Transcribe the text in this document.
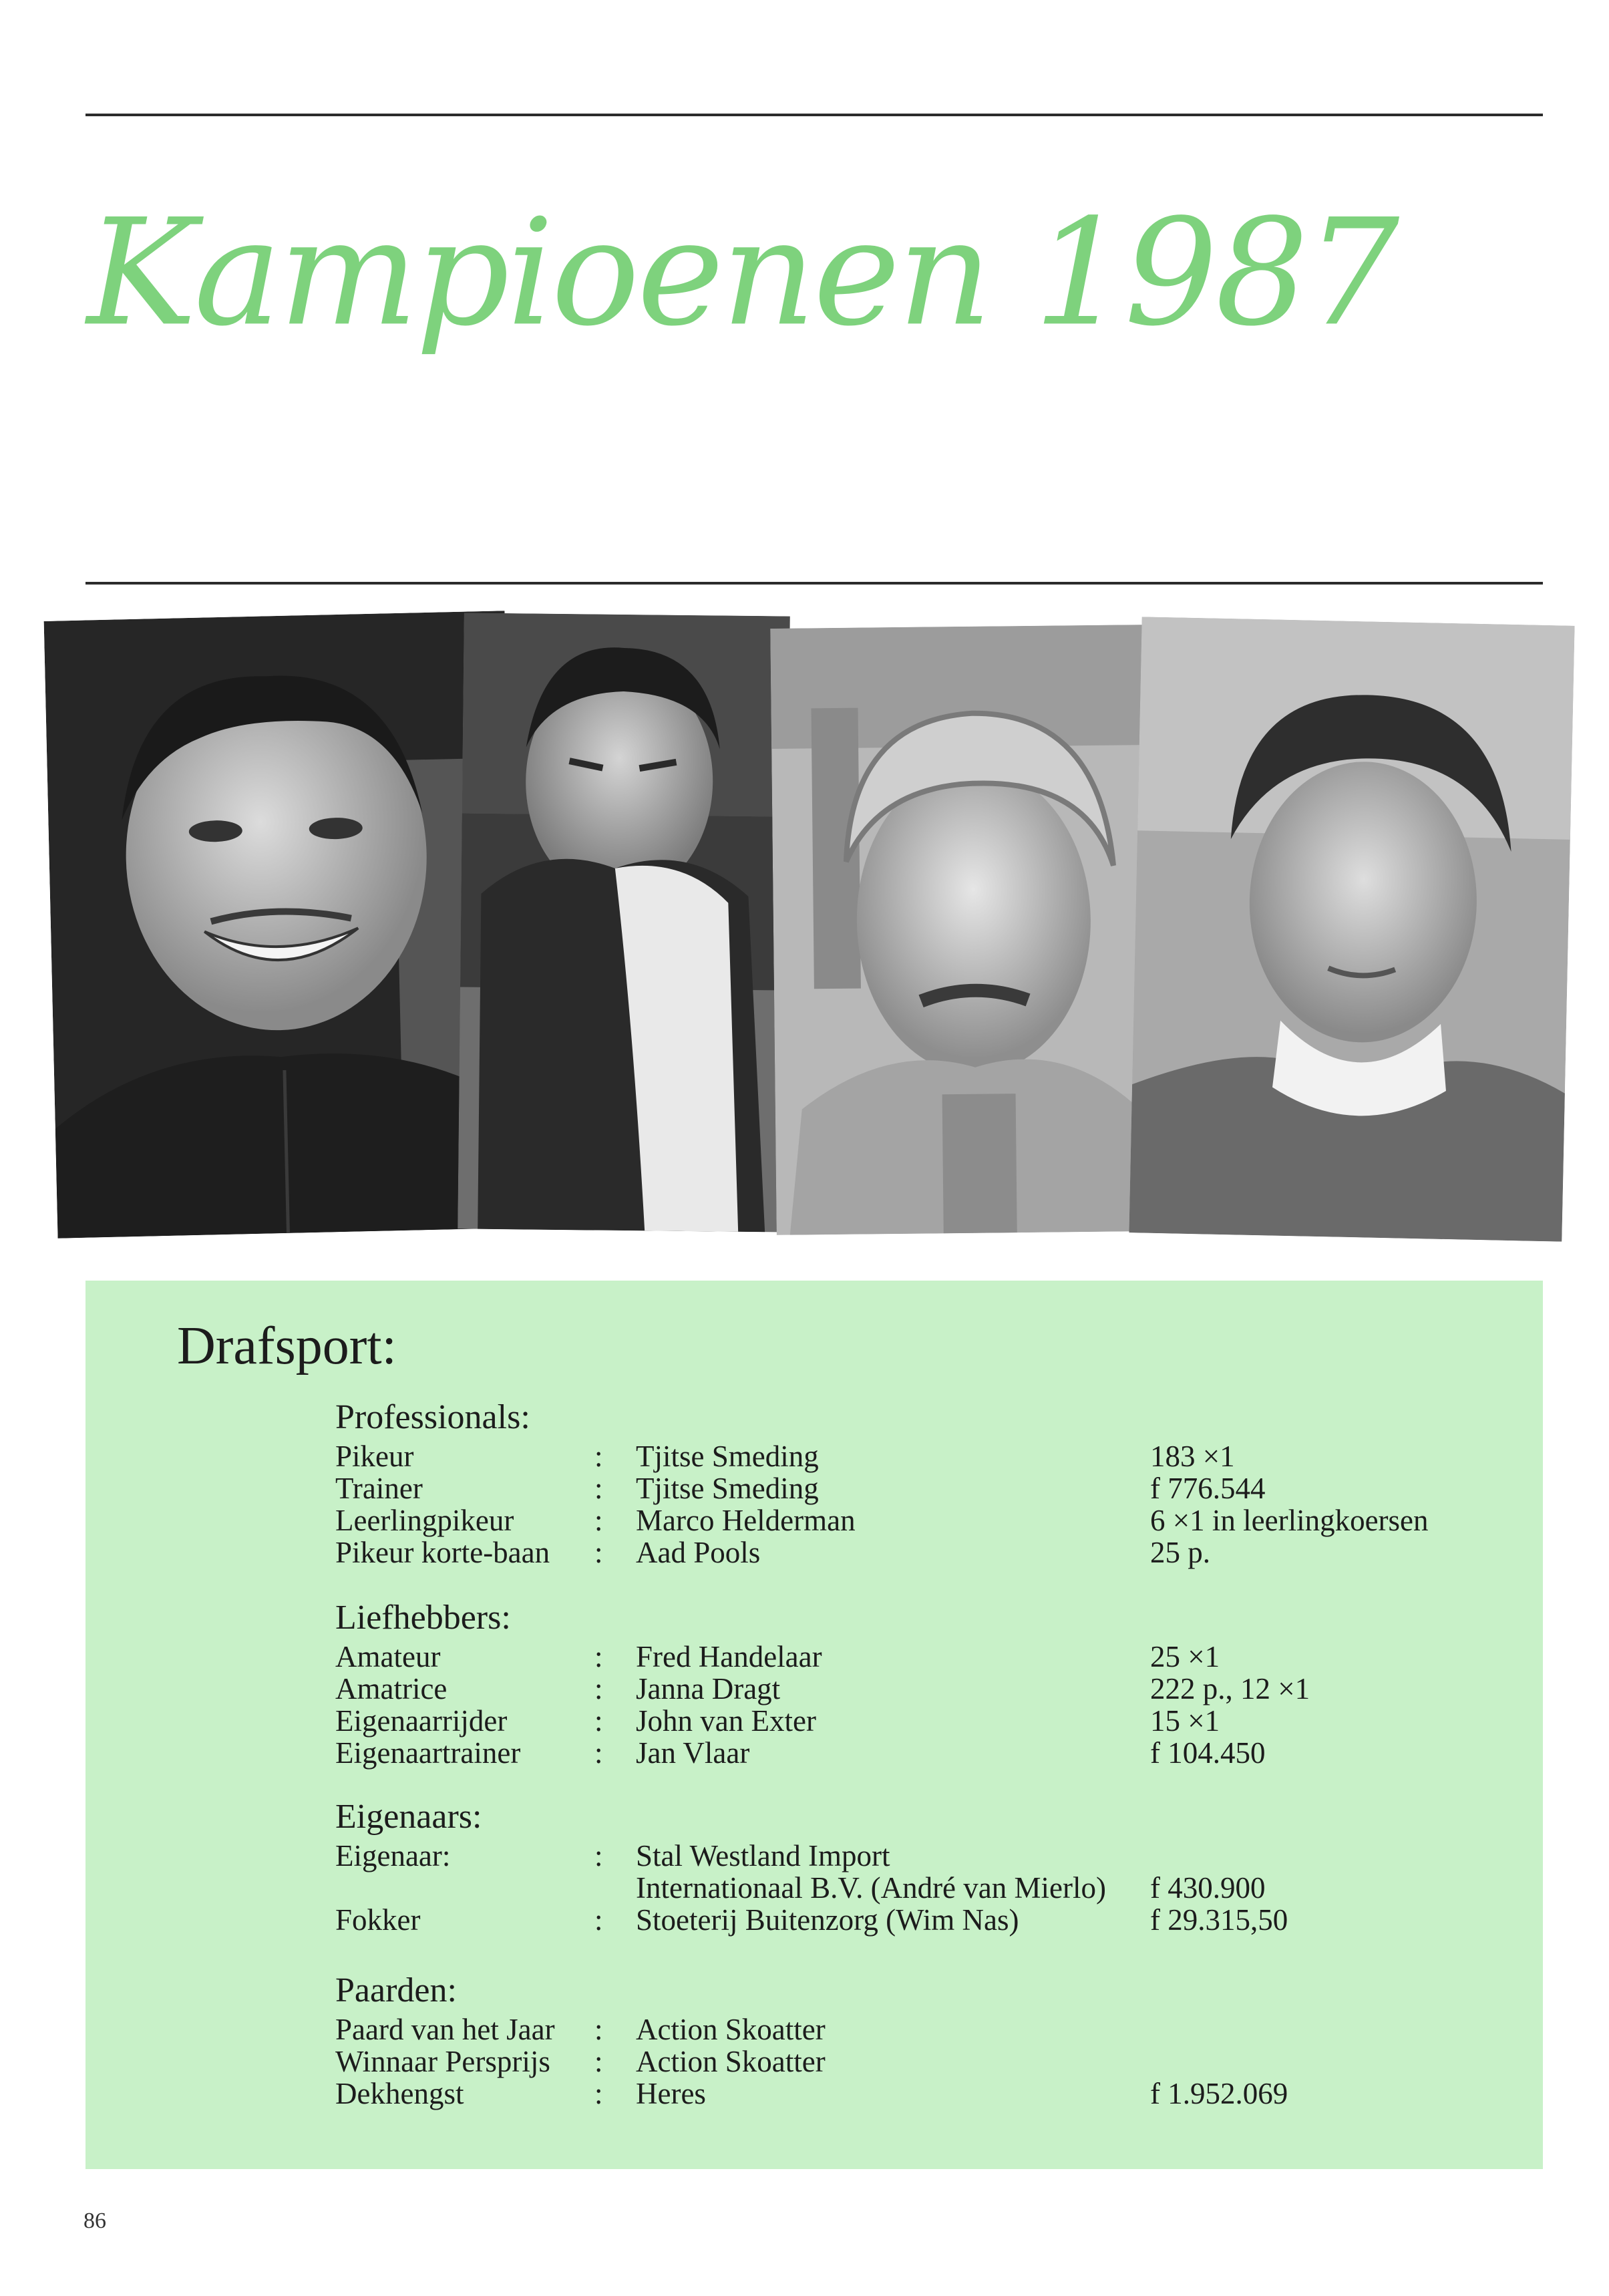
Kampioenen 1987
Drafsport:
Professionals:
Pikeur	: Tjitse Smeding	183 ×1
Trainer	: Tjitse Smeding	f 776.544
Leerlingpikeur	: Marco Helderman	6 ×1 in leerlingkoersen
Pikeur korte-baan : Aad Pools	25 p.
Liefhebbers:
Amateur	: Fred Handelaar	25 ×1
Amatrice	: Janna Dragt	222 p., 12 ×1
Eigenaarrijder	: John van Exter	15 ×1
Eigenaartrainer : Jan Vlaar	f 104.450
Eigenaars:
Eigenaar:	: Stal Westland Import
Internationaal B.V. (André van Mierlo) f 430.900
Fokker	: Stoeterij Buitenzorg (Wim Nas)	f 29.315,50
Paarden:
Paard van het Jaar : Action Skoatter
Winnaar Persprijs : Action Skoatter
Dekhengst	: Heres	f 1.952.069
86
